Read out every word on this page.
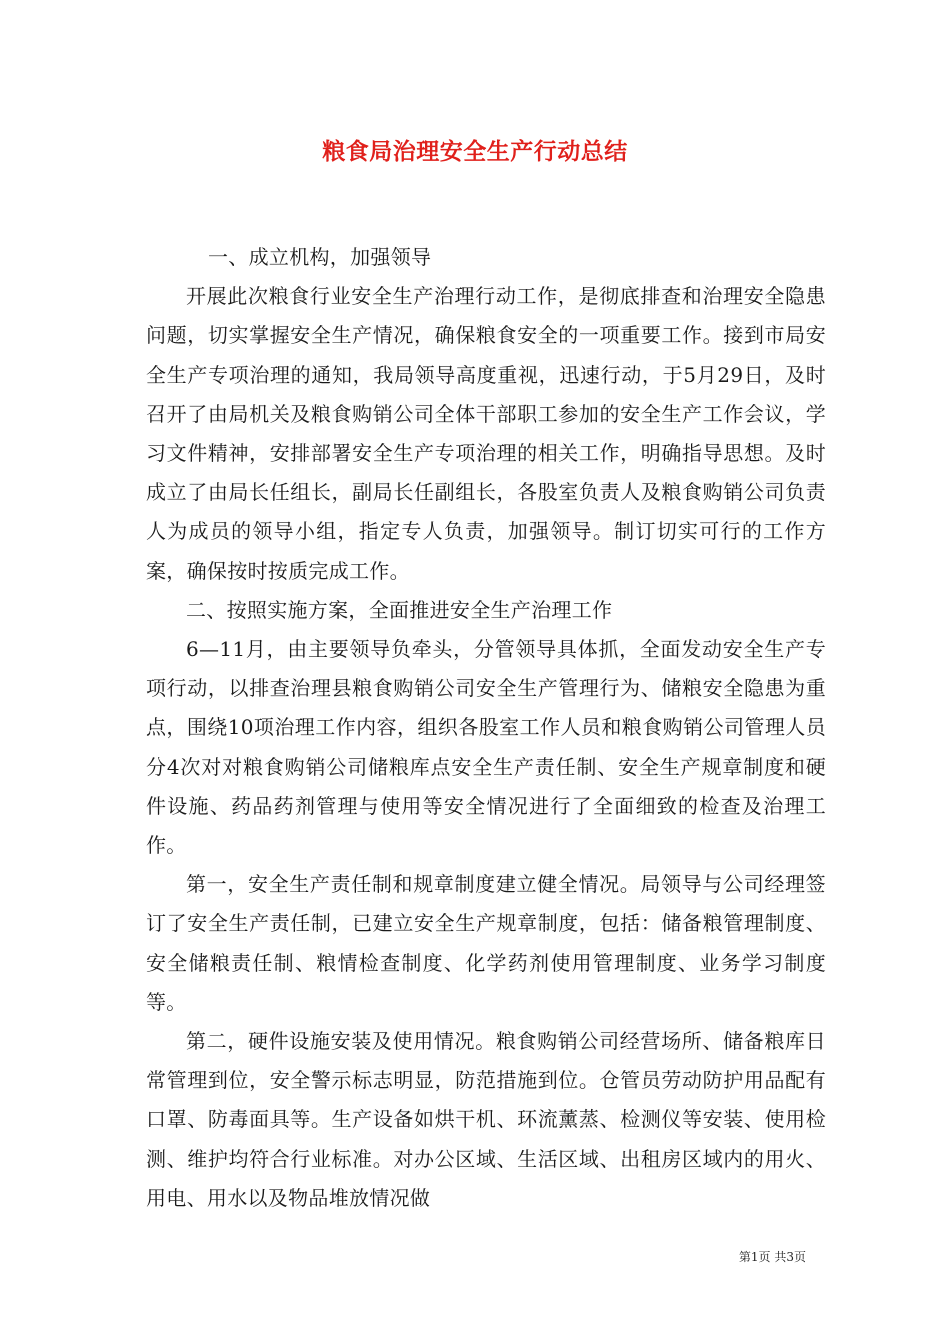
粮食局治理安全生产行动总结

一、成立机构，加强领导

开展此次粮食行业安全生产治理行动工作，是彻底排查和治理安全隐患问题，切实掌握安全生产情况，确保粮食安全的一项重要工作。接到市局安全生产专项治理的通知，我局领导高度重视，迅速行动，于5月29日，及时召开了由局机关及粮食购销公司全体干部职工参加的安全生产工作会议，学习文件精神，安排部署安全生产专项治理的相关工作，明确指导思想。及时成立了由局长任组长，副局长任副组长，各股室负责人及粮食购销公司负责人为成员的领导小组，指定专人负责，加强领导。制订切实可行的工作方案，确保按时按质完成工作。

二、按照实施方案，全面推进安全生产治理工作

6—11月，由主要领导负牵头，分管领导具体抓，全面发动安全生产专项行动，以排查治理县粮食购销公司安全生产管理行为、储粮安全隐患为重点，围绕10项治理工作内容，组织各股室工作人员和粮食购销公司管理人员分4次对对粮食购销公司储粮库点安全生产责任制、安全生产规章制度和硬件设施、药品药剂管理与使用等安全情况进行了全面细致的检查及治理工作。

第一，安全生产责任制和规章制度建立健全情况。局领导与公司经理签订了安全生产责任制，已建立安全生产规章制度，包括：储备粮管理制度、安全储粮责任制、粮情检查制度、化学药剂使用管理制度、业务学习制度等。

第二，硬件设施安装及使用情况。粮食购销公司经营场所、储备粮库日常管理到位，安全警示标志明显，防范措施到位。仓管员劳动防护用品配有口罩、防毒面具等。生产设备如烘干机、环流薰蒸、检测仪等安装、使用检测、维护均符合行业标准。对办公区域、生活区域、出租房区域内的用火、用电、用水以及物品堆放情况做

第1页 共3页
